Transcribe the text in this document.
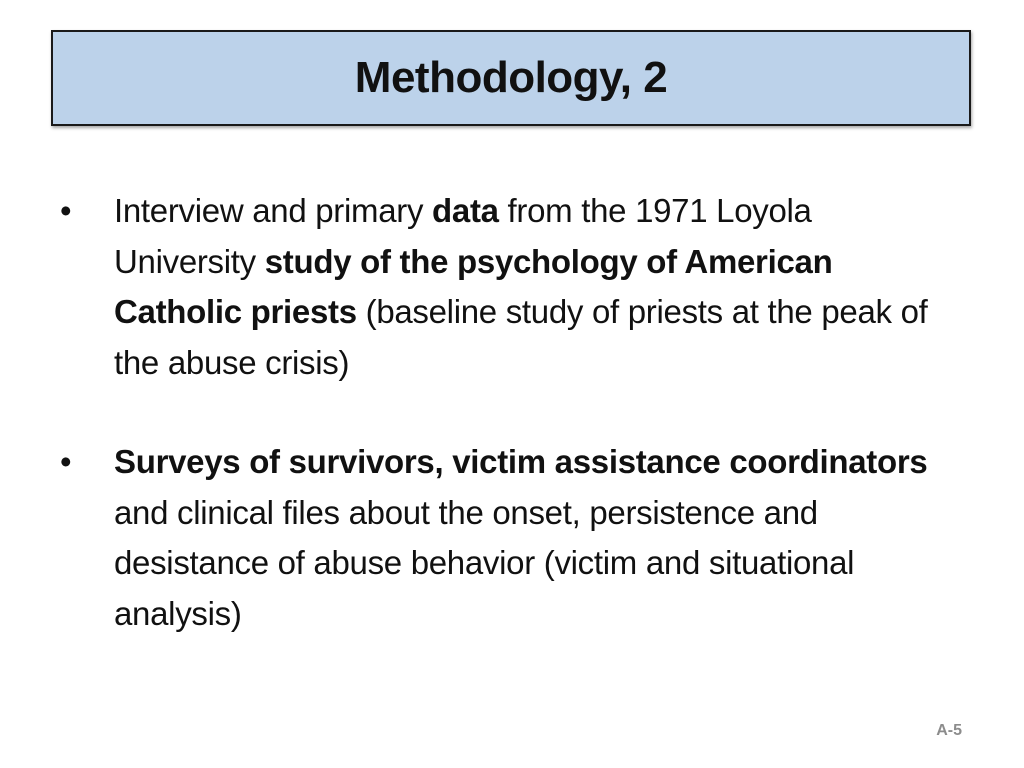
Methodology, 2
• Interview and primary data from the 1971 Loyola University study of the psychology of American Catholic priests (baseline study of priests at the peak of the abuse crisis)
• Surveys of survivors, victim assistance coordinators and clinical files about the onset, persistence and desistance of abuse behavior (victim and situational analysis)
A-5
